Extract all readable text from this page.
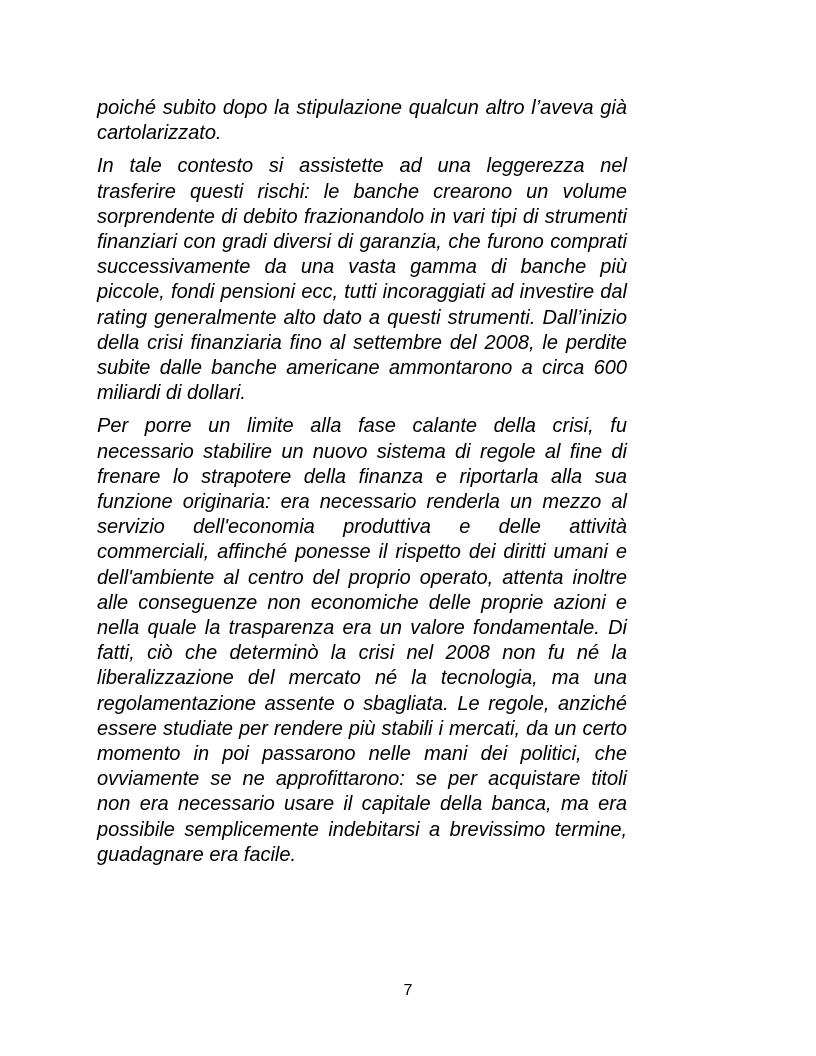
poiché subito dopo la stipulazione qualcun altro l’aveva già cartolarizzato.

In tale contesto si assistette ad una leggerezza nel trasferire questi rischi: le banche crearono un volume sorprendente di debito frazionandolo in vari tipi di strumenti finanziari con gradi diversi di garanzia, che furono comprati successivamente da una vasta gamma di banche più piccole, fondi pensioni ecc, tutti incoraggiati ad investire dal rating generalmente alto dato a questi strumenti. Dall’inizio della crisi finanziaria fino al settembre del 2008, le perdite subite dalle banche americane ammontarono a circa 600 miliardi di dollari.

Per porre un limite alla fase calante della crisi, fu necessario stabilire un nuovo sistema di regole al fine di frenare lo strapotere della finanza e riportarla alla sua funzione originaria: era necessario renderla un mezzo al servizio dell'economia produttiva e delle attività commerciali, affinché ponesse il rispetto dei diritti umani e dell'ambiente al centro del proprio operato, attenta inoltre alle conseguenze non economiche delle proprie azioni e nella quale la trasparenza era un valore fondamentale. Di fatti, ciò che determinò la crisi nel 2008 non fu né la liberalizzazione del mercato né la tecnologia, ma una regolamentazione assente o sbagliata. Le regole, anziché essere studiate per rendere più stabili i mercati, da un certo momento in poi passarono nelle mani dei politici, che ovviamente se ne approfittarono: se per acquistare titoli non era necessario usare il capitale della banca, ma era possibile semplicemente indebitarsi a brevissimo termine, guadagnare era facile.

7
